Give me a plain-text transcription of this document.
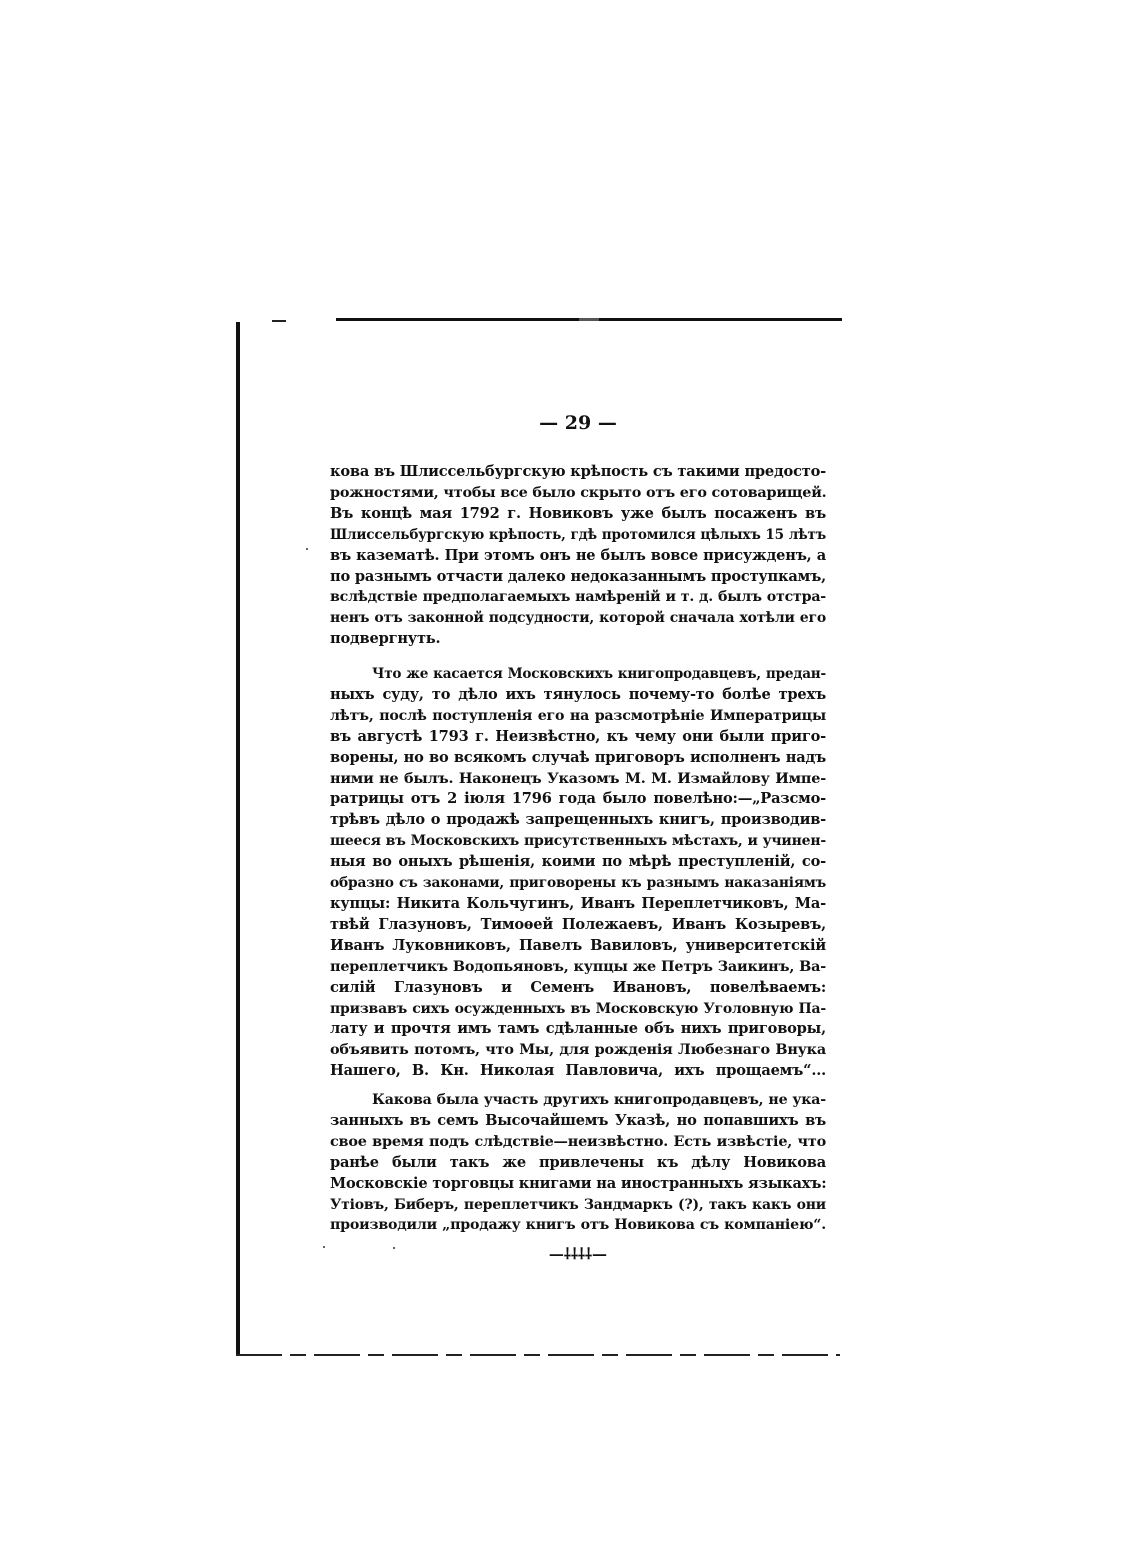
— 29 —
кова въ Шлиссельбургскую крѣпость съ такими предосто-
рожностями, чтобы все было скрыто отъ его сотоварищей.
Въ концѣ мая 1792 г. Новиковъ уже былъ посаженъ въ
Шлиссельбургскую крѣпость, гдѣ протомился цѣлыхъ 15 лѣтъ
въ казематѣ. При этомъ онъ не былъ вовсе присужденъ, а
по разнымъ отчасти далеко недоказаннымъ проступкамъ,
вслѣдствіе предполагаемыхъ намѣреній и т. д. былъ отстра-
ненъ отъ законной подсудности, которой сначала хотѣли его
подвергнуть.
Что же касается Московскихъ книгопродавцевъ, предан-
ныхъ суду, то дѣло ихъ тянулось почему-то болѣе трехъ
лѣтъ, послѣ поступленія его на разсмотрѣніе Императрицы
въ августѣ 1793 г. Неизвѣстно, къ чему они были приго-
ворены, но во всякомъ случаѣ приговоръ исполненъ надъ
ними не былъ. Наконецъ Указомъ М. М. Измайлову Импе-
ратрицы отъ 2 іюля 1796 года было повелѣно:—„Разсмо-
трѣвъ дѣло о продажѣ запрещенныхъ книгъ, производив-
шееся въ Московскихъ присутственныхъ мѣстахъ, и учинен-
ныя во оныхъ рѣшенія, коими по мѣрѣ преступленій, со-
образно съ законами, приговорены къ разнымъ наказаніямъ
купцы: Никита Кольчугинъ, Иванъ Переплетчиковъ, Ма-
твѣй Глазуновъ, Тимоѳей Полежаевъ, Иванъ Козыревъ,
Иванъ Луковниковъ, Павелъ Вавиловъ, университетскій
переплетчикъ Водопьяновъ, купцы же Петръ Заикинъ, Ва-
силій Глазуновъ и Семенъ Ивановъ, повелѣваемъ:
призвавъ сихъ осужденныхъ въ Московскую Уголовную Па-
лату и прочтя имъ тамъ сдѣланные объ нихъ приговоры,
объявить потомъ, что Мы, для рожденія Любезнаго Внука
Нашего, В. Кн. Николая Павловича, ихъ прощаемъ“...
Какова была участь другихъ книгопродавцевъ, не ука-
занныхъ въ семъ Высочайшемъ Указѣ, но попавшихъ въ
свое время подъ слѣдствіе—неизвѣстно. Есть извѣстіе, что
ранѣе были такъ же привлечены къ дѣлу Новикова
Московскіе торговцы книгами на иностранныхъ языкахъ:
Утіовъ, Биберъ, переплетчикъ Зандмаркъ (?), такъ какъ они
производили „продажу книгъ отъ Новикова съ компаніею“.
—⸸⸸⸸⸸—
